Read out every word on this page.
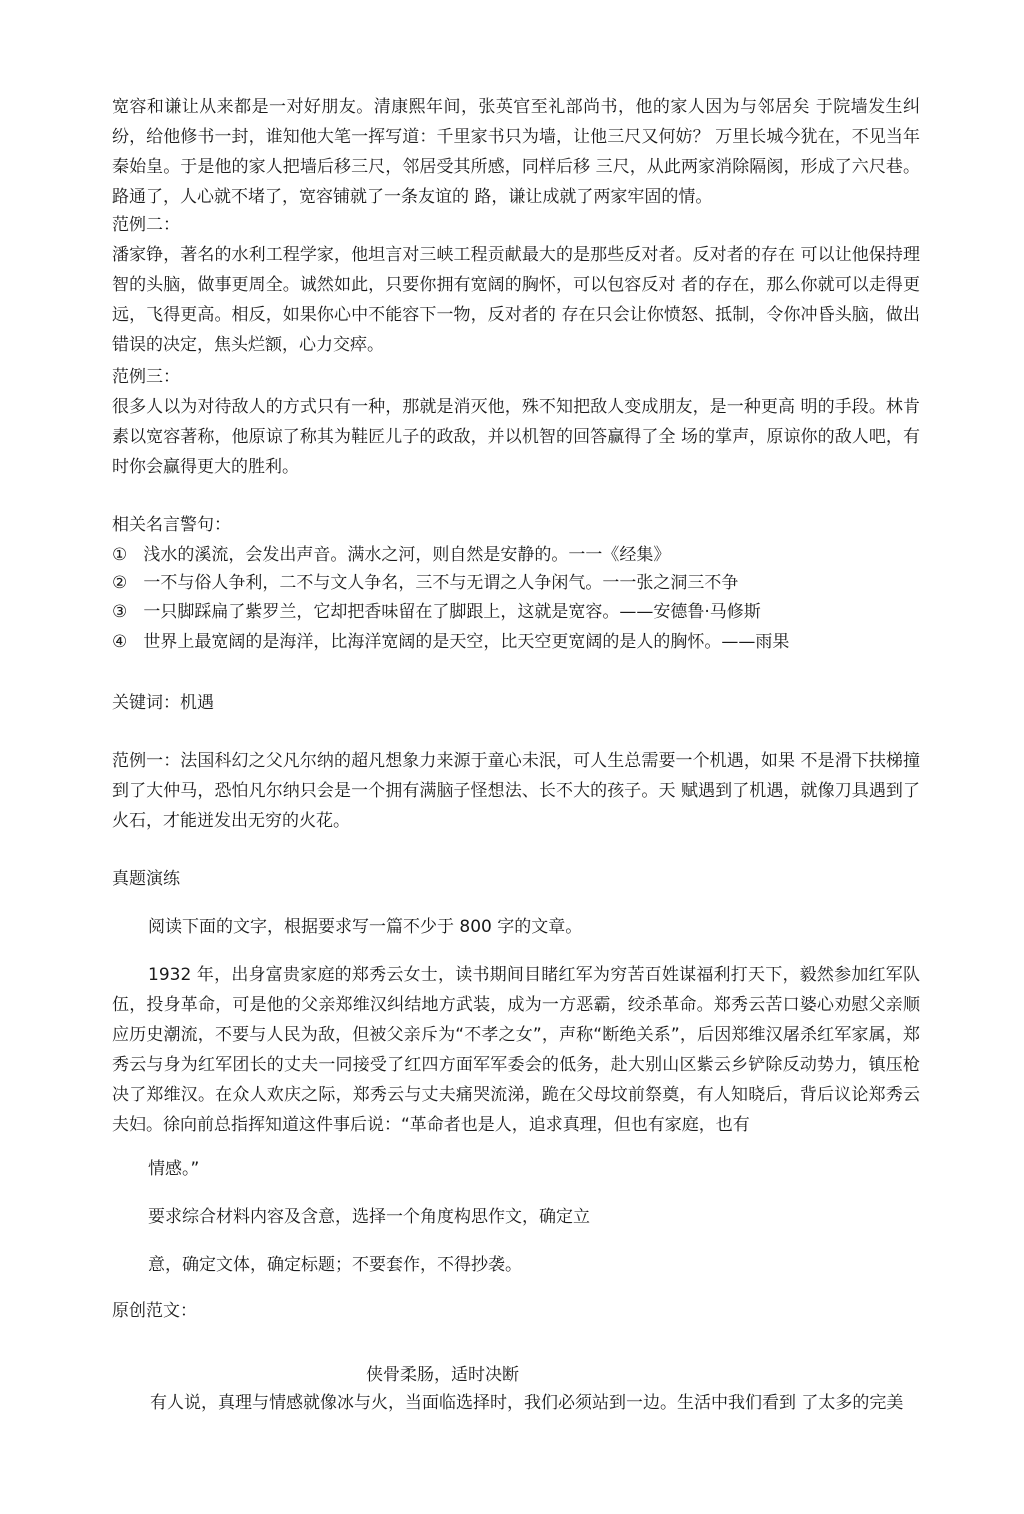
宽容和谦让从来都是一对好朋友。清康熙年间，张英官至礼部尚书，他的家人因为与邻居矣 于院墙发生纠纷，给他修书一封，谁知他大笔一挥写道：千里家书只为墙，让他三尺又何妨？ 万里长城今犹在，不见当年秦始皇。于是他的家人把墙后移三尺，邻居受其所感，同样后移 三尺，从此两家消除隔阂，形成了六尺巷。路通了，人心就不堵了，宽容铺就了一条友谊的 路，谦让成就了两家牢固的情。

范例二：

潘家铮，著名的水利工程学家，他坦言对三峡工程贡献最大的是那些反对者。反对者的存在 可以让他保持理智的头脑，做事更周全。诚然如此，只要你拥有宽阔的胸怀，可以包容反对 者的存在，那么你就可以走得更远，飞得更高。相反，如果你心中不能容下一物，反对者的 存在只会让你愤怒、抵制，令你冲昏头脑，做出错误的决定，焦头烂额，心力交瘁。

范例三：

很多人以为对待敌人的方式只有一种，那就是消灭他，殊不知把敌人变成朋友，是一种更高 明的手段。林肯素以宽容著称，他原谅了称其为鞋匠儿子的政敌，并以机智的回答赢得了全 场的掌声，原谅你的敌人吧，有时你会赢得更大的胜利。

相关名言警句：

① 浅水的溪流，会发出声音。满水之河，则自然是安静的。一一《经集》

② 一不与俗人争利，二不与文人争名，三不与无谓之人争闲气。一一张之洞三不争

③ 一只脚踩扁了紫罗兰，它却把香味留在了脚跟上，这就是宽容。——安德鲁·马修斯

④ 世界上最宽阔的是海洋，比海洋宽阔的是天空，比天空更宽阔的是人的胸怀。——雨果

关键词：机遇

范例一：法国科幻之父凡尔纳的超凡想象力来源于童心未泯，可人生总需要一个机遇，如果 不是滑下扶梯撞到了大仲马，恐怕凡尔纳只会是一个拥有满脑子怪想法、长不大的孩子。天 赋遇到了机遇，就像刀具遇到了火石，才能迸发出无穷的火花。

真题演练

阅读下面的文字，根据要求写一篇不少于 800 字的文章。

1932 年，出身富贵家庭的郑秀云女士，读书期间目睹红军为穷苦百姓谋福利打天下，毅然参加红军队伍，投身革命，可是他的父亲郑维汉纠结地方武装，成为一方恶霸，绞杀革命。郑秀云苦口婆心劝慰父亲顺应历史潮流，不要与人民为敌，但被父亲斥为“不孝之女”，声称“断绝关系”，后因郑维汉屠杀红军家属，郑秀云与身为红军团长的丈夫一同接受了红四方面军军委会的低务，赴大别山区紫云乡铲除反动势力，镇压枪决了郑维汉。在众人欢庆之际，郑秀云与丈夫痛哭流涕，跪在父母坟前祭奠，有人知晓后，背后议论郑秀云夫妇。徐向前总指挥知道这件事后说：“革命者也是人，追求真理，但也有家庭，也有

情感。”

要求综合材料内容及含意，选择一个角度构思作文，确定立

意，确定文体，确定标题；不要套作，不得抄袭。

原创范文：

侠骨柔肠，适时决断

有人说，真理与情感就像冰与火，当面临选择时，我们必须站到一边。生活中我们看到 了太多的完美
